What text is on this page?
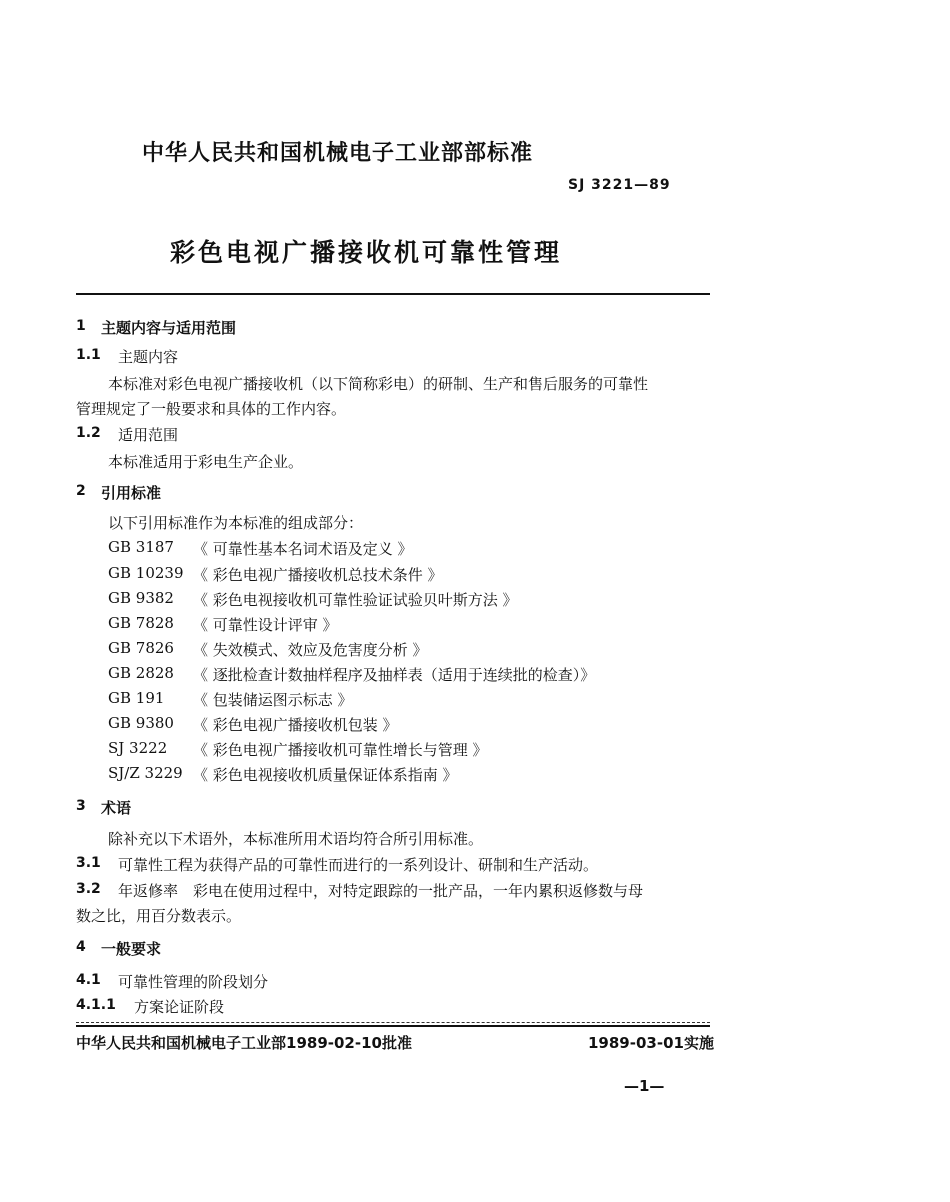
中华人民共和国机械电子工业部部标准
SJ 3221—89
彩色电视广播接收机可靠性管理
1 主题内容与适用范围
1.1 主题内容
本标准对彩色电视广播接收机（以下简称彩电）的研制、生产和售后服务的可靠性
管理规定了一般要求和具体的工作内容。
1.2 适用范围
本标准适用于彩电生产企业。
2 引用标准
以下引用标准作为本标准的组成部分：
GB 3187 《 可靠性基本名词术语及定义 》
GB 10239 《 彩色电视广播接收机总技术条件 》
GB 9382 《 彩色电视接收机可靠性验证试验贝叶斯方法 》
GB 7828 《 可靠性设计评审 》
GB 7826 《 失效模式、效应及危害度分析 》
GB 2828 《 逐批检查计数抽样程序及抽样表（适用于连续批的检查）》
GB 191 《 包装储运图示标志 》
GB 9380 《 彩色电视广播接收机包装 》
SJ 3222 《 彩色电视广播接收机可靠性增长与管理 》
SJ/Z 3229 《 彩色电视接收机质量保证体系指南 》
3 术语
除补充以下术语外，本标准所用术语均符合所引用标准。
3.1 可靠性工程为获得产品的可靠性而进行的一系列设计、研制和生产活动。
3.2 年返修率　彩电在使用过程中，对特定跟踪的一批产品，一年内累积返修数与母
数之比，用百分数表示。
4 一般要求
4.1 可靠性管理的阶段划分
4.1.1 方案论证阶段
中华人民共和国机械电子工业部1989-02-10批准	1989-03-01实施
—1—
